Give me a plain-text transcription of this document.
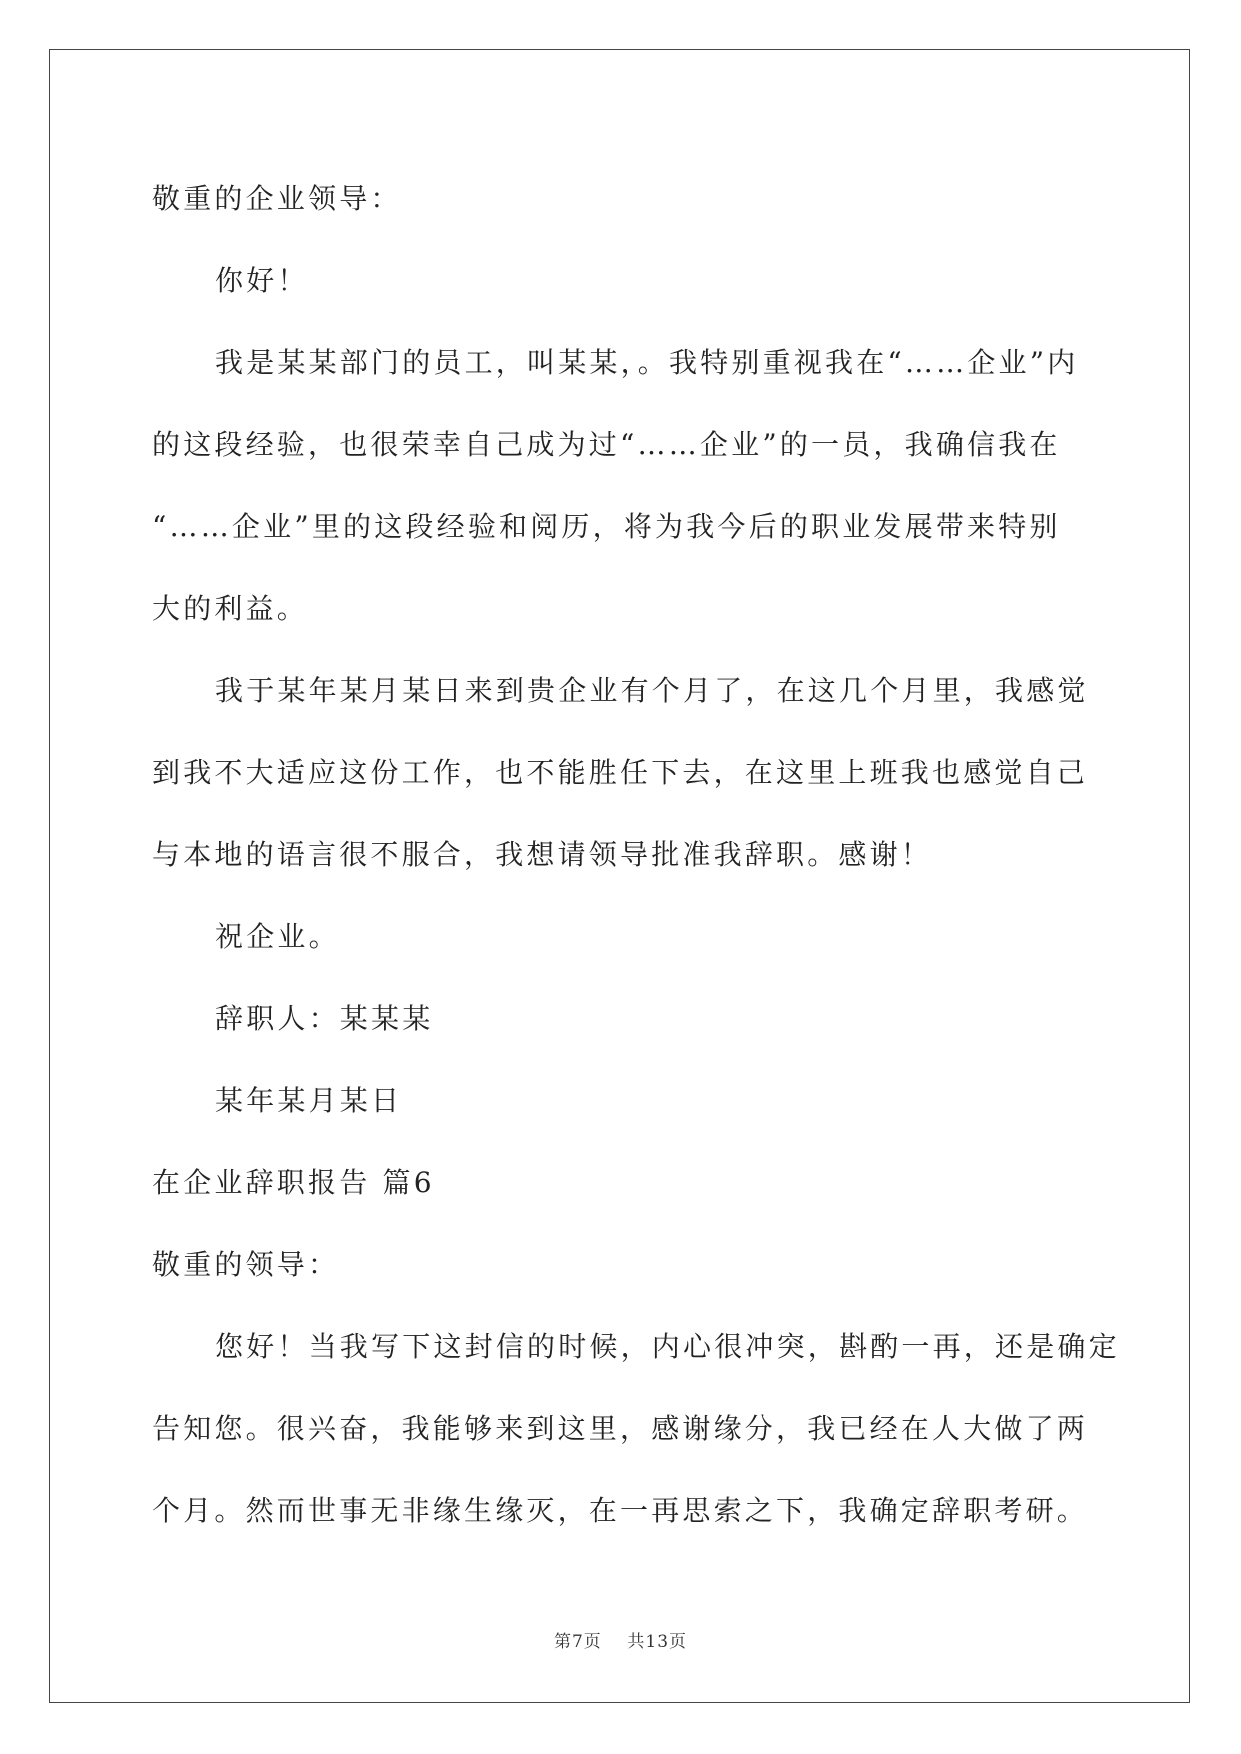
敬重的企业领导：
你好！
我是某某部门的员工，叫某某，。我特别重视我在“……企业”内
的这段经验，也很荣幸自己成为过“……企业”的一员，我确信我在
“……企业”里的这段经验和阅历，将为我今后的职业发展带来特别
大的利益。
我于某年某月某日来到贵企业有个月了，在这几个月里，我感觉
到我不大适应这份工作，也不能胜任下去，在这里上班我也感觉自己
与本地的语言很不服合，我想请领导批准我辞职。感谢！
祝企业。
辞职人：某某某
某年某月某日
在企业辞职报告 篇6
敬重的领导：
您好！当我写下这封信的时候，内心很冲突，斟酌一再，还是确定
告知您。很兴奋，我能够来到这里，感谢缘分，我已经在人大做了两
个月。然而世事无非缘生缘灭，在一再思索之下，我确定辞职考研。
第7页 共13页
